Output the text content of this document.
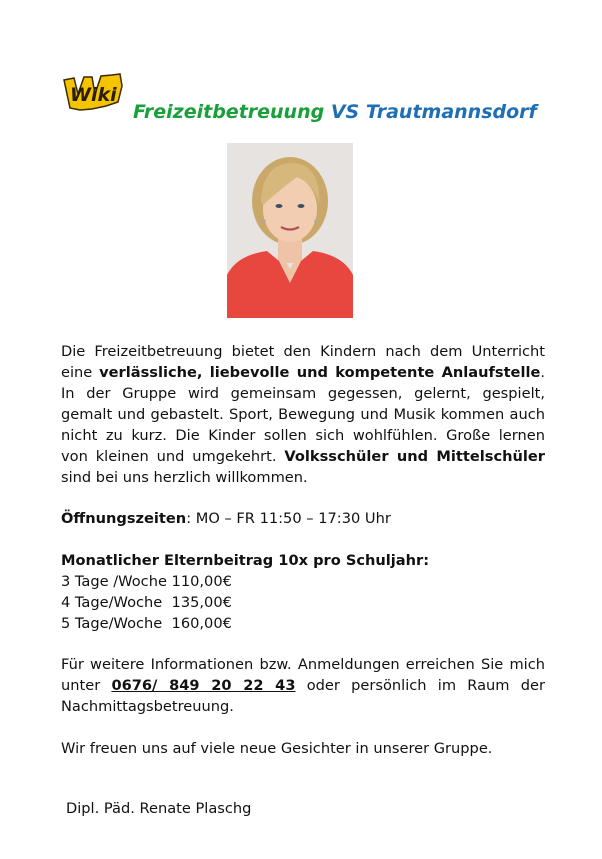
Wiki
Freizeitbetreuung VS Trautmannsdorf
Die Freizeitbetreuung bietet den Kindern nach dem Unterricht
eine verlässliche, liebevolle und kompetente Anlaufstelle.
In der Gruppe wird gemeinsam gegessen, gelernt, gespielt,
gemalt und gebastelt. Sport, Bewegung und Musik kommen auch
nicht zu kurz. Die Kinder sollen sich wohlfühlen. Große lernen
von kleinen und umgekehrt. Volksschüler und Mittelschüler
sind bei uns herzlich willkommen.
Öffnungszeiten: MO – FR 11:50 – 17:30 Uhr
Monatlicher Elternbeitrag 10x pro Schuljahr:
3 Tage /Woche 110,00€
4 Tage/Woche  135,00€
5 Tage/Woche  160,00€
Für weitere Informationen bzw. Anmeldungen erreichen Sie mich
unter 0676/ 849 20 22 43 oder persönlich im Raum der
Nachmittagsbetreuung.
Wir freuen uns auf viele neue Gesichter in unserer Gruppe.
Dipl. Päd. Renate Plaschg
